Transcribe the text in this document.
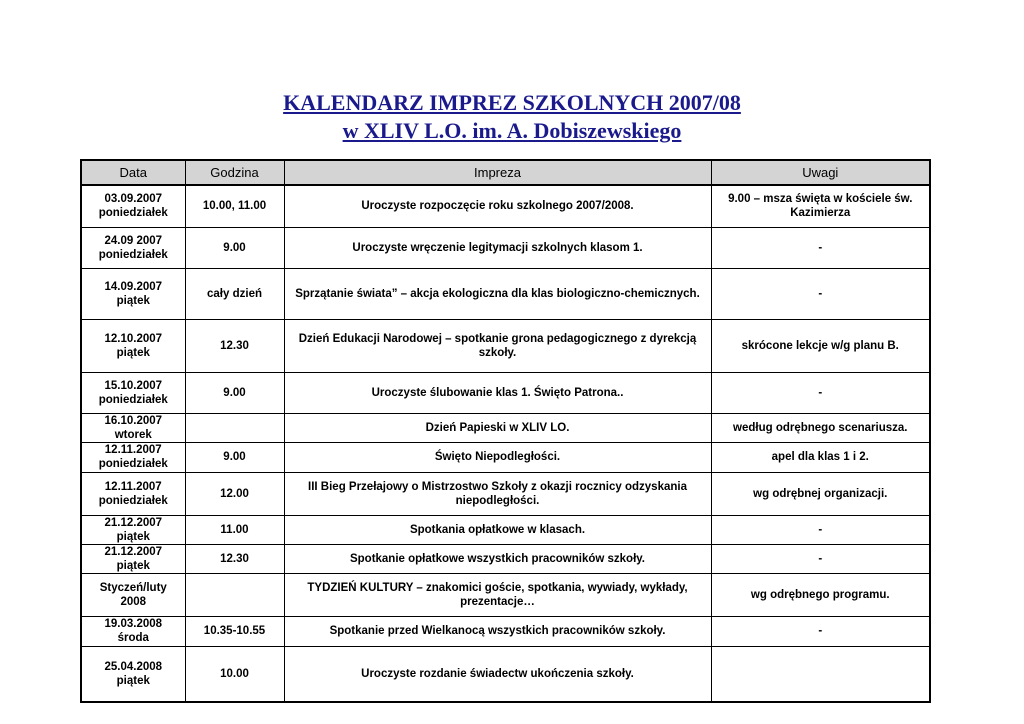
KALENDARZ IMPREZ SZKOLNYCH 2007/08
w XLIV L.O. im. A. Dobiszewskiego
Data	Godzina	Impreza	Uwagi

03.09.2007
poniedziałek	10.00, 11.00	Uroczyste rozpoczęcie roku szkolnego 2007/2008.	9.00 – msza święta w kościele św. Kazimierza

24.09 2007
poniedziałek	9.00	Uroczyste wręczenie legitymacji szkolnych klasom 1.	-

14.09.2007
piątek	cały dzień	Sprzątanie świata” – akcja ekologiczna dla klas biologiczno-chemicznych.	-

12.10.2007
piątek	12.30	Dzień Edukacji Narodowej – spotkanie grona pedagogicznego z dyrekcją szkoły.	skrócone lekcje w/g planu B.

15.10.2007
poniedziałek	9.00	Uroczyste ślubowanie klas 1. Święto Patrona..	-

16.10.2007
wtorek		Dzień Papieski w XLIV LO.	według odrębnego scenariusza.

12.11.2007
poniedziałek	9.00	Święto Niepodległości.	apel dla klas 1 i 2.

12.11.2007
poniedziałek	12.00	III Bieg Przełajowy o Mistrzostwo Szkoły z okazji rocznicy odzyskania niepodległości.	wg odrębnej organizacji.

21.12.2007
piątek	11.00	Spotkania opłatkowe w klasach.	-

21.12.2007
piątek	12.30	Spotkanie opłatkowe wszystkich pracowników szkoły.	-

Styczeń/luty
2008		TYDZIEŃ KULTURY – znakomici goście, spotkania, wywiady, wykłady, prezentacje…	wg odrębnego programu.

19.03.2008
środa	10.35-10.55	Spotkanie przed Wielkanocą wszystkich pracowników szkoły.	-

25.04.2008
piątek	10.00	Uroczyste rozdanie świadectw ukończenia szkoły.	
